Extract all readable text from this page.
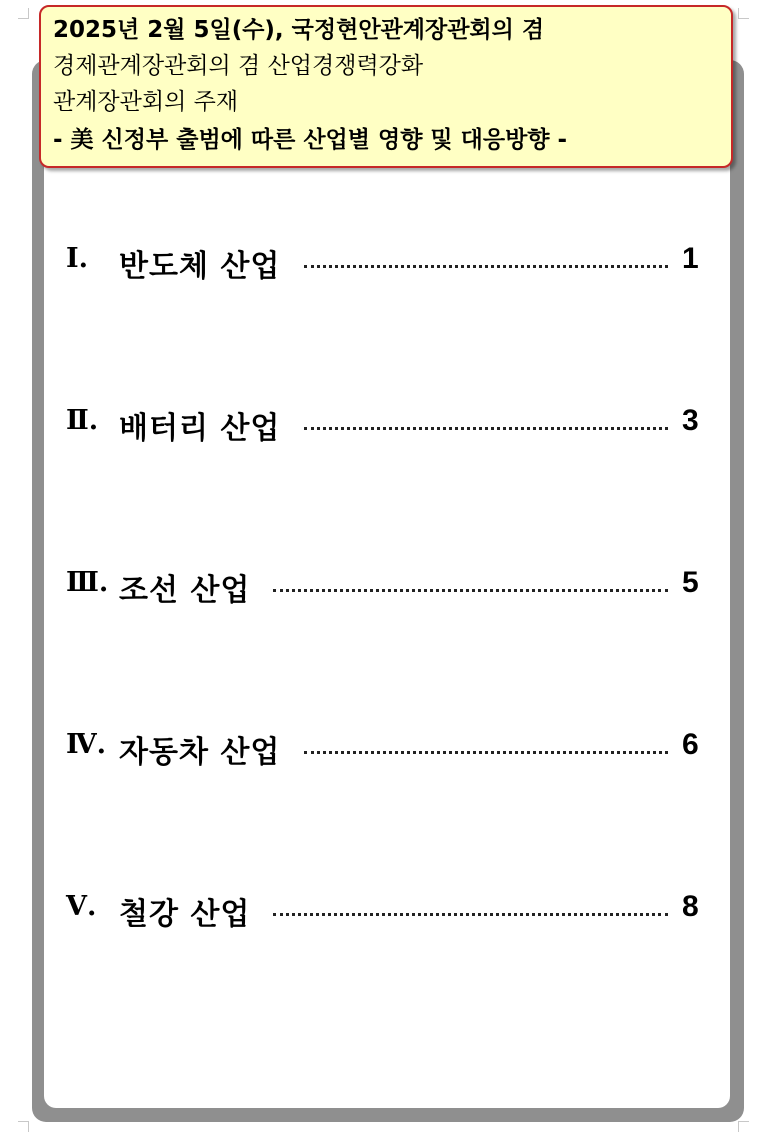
2025년 2월 5일(수), 국정현안관계장관회의 겸
경제관계장관회의 겸 산업경쟁력강화
관계장관회의 주재
- 美 신정부 출범에 따른 산업별 영향 및 대응방향 -
Ⅰ. 반도체 산업	1
Ⅱ. 배터리 산업	3
Ⅲ. 조선 산업	5
Ⅳ. 자동차 산업	6
Ⅴ. 철강 산업	8
